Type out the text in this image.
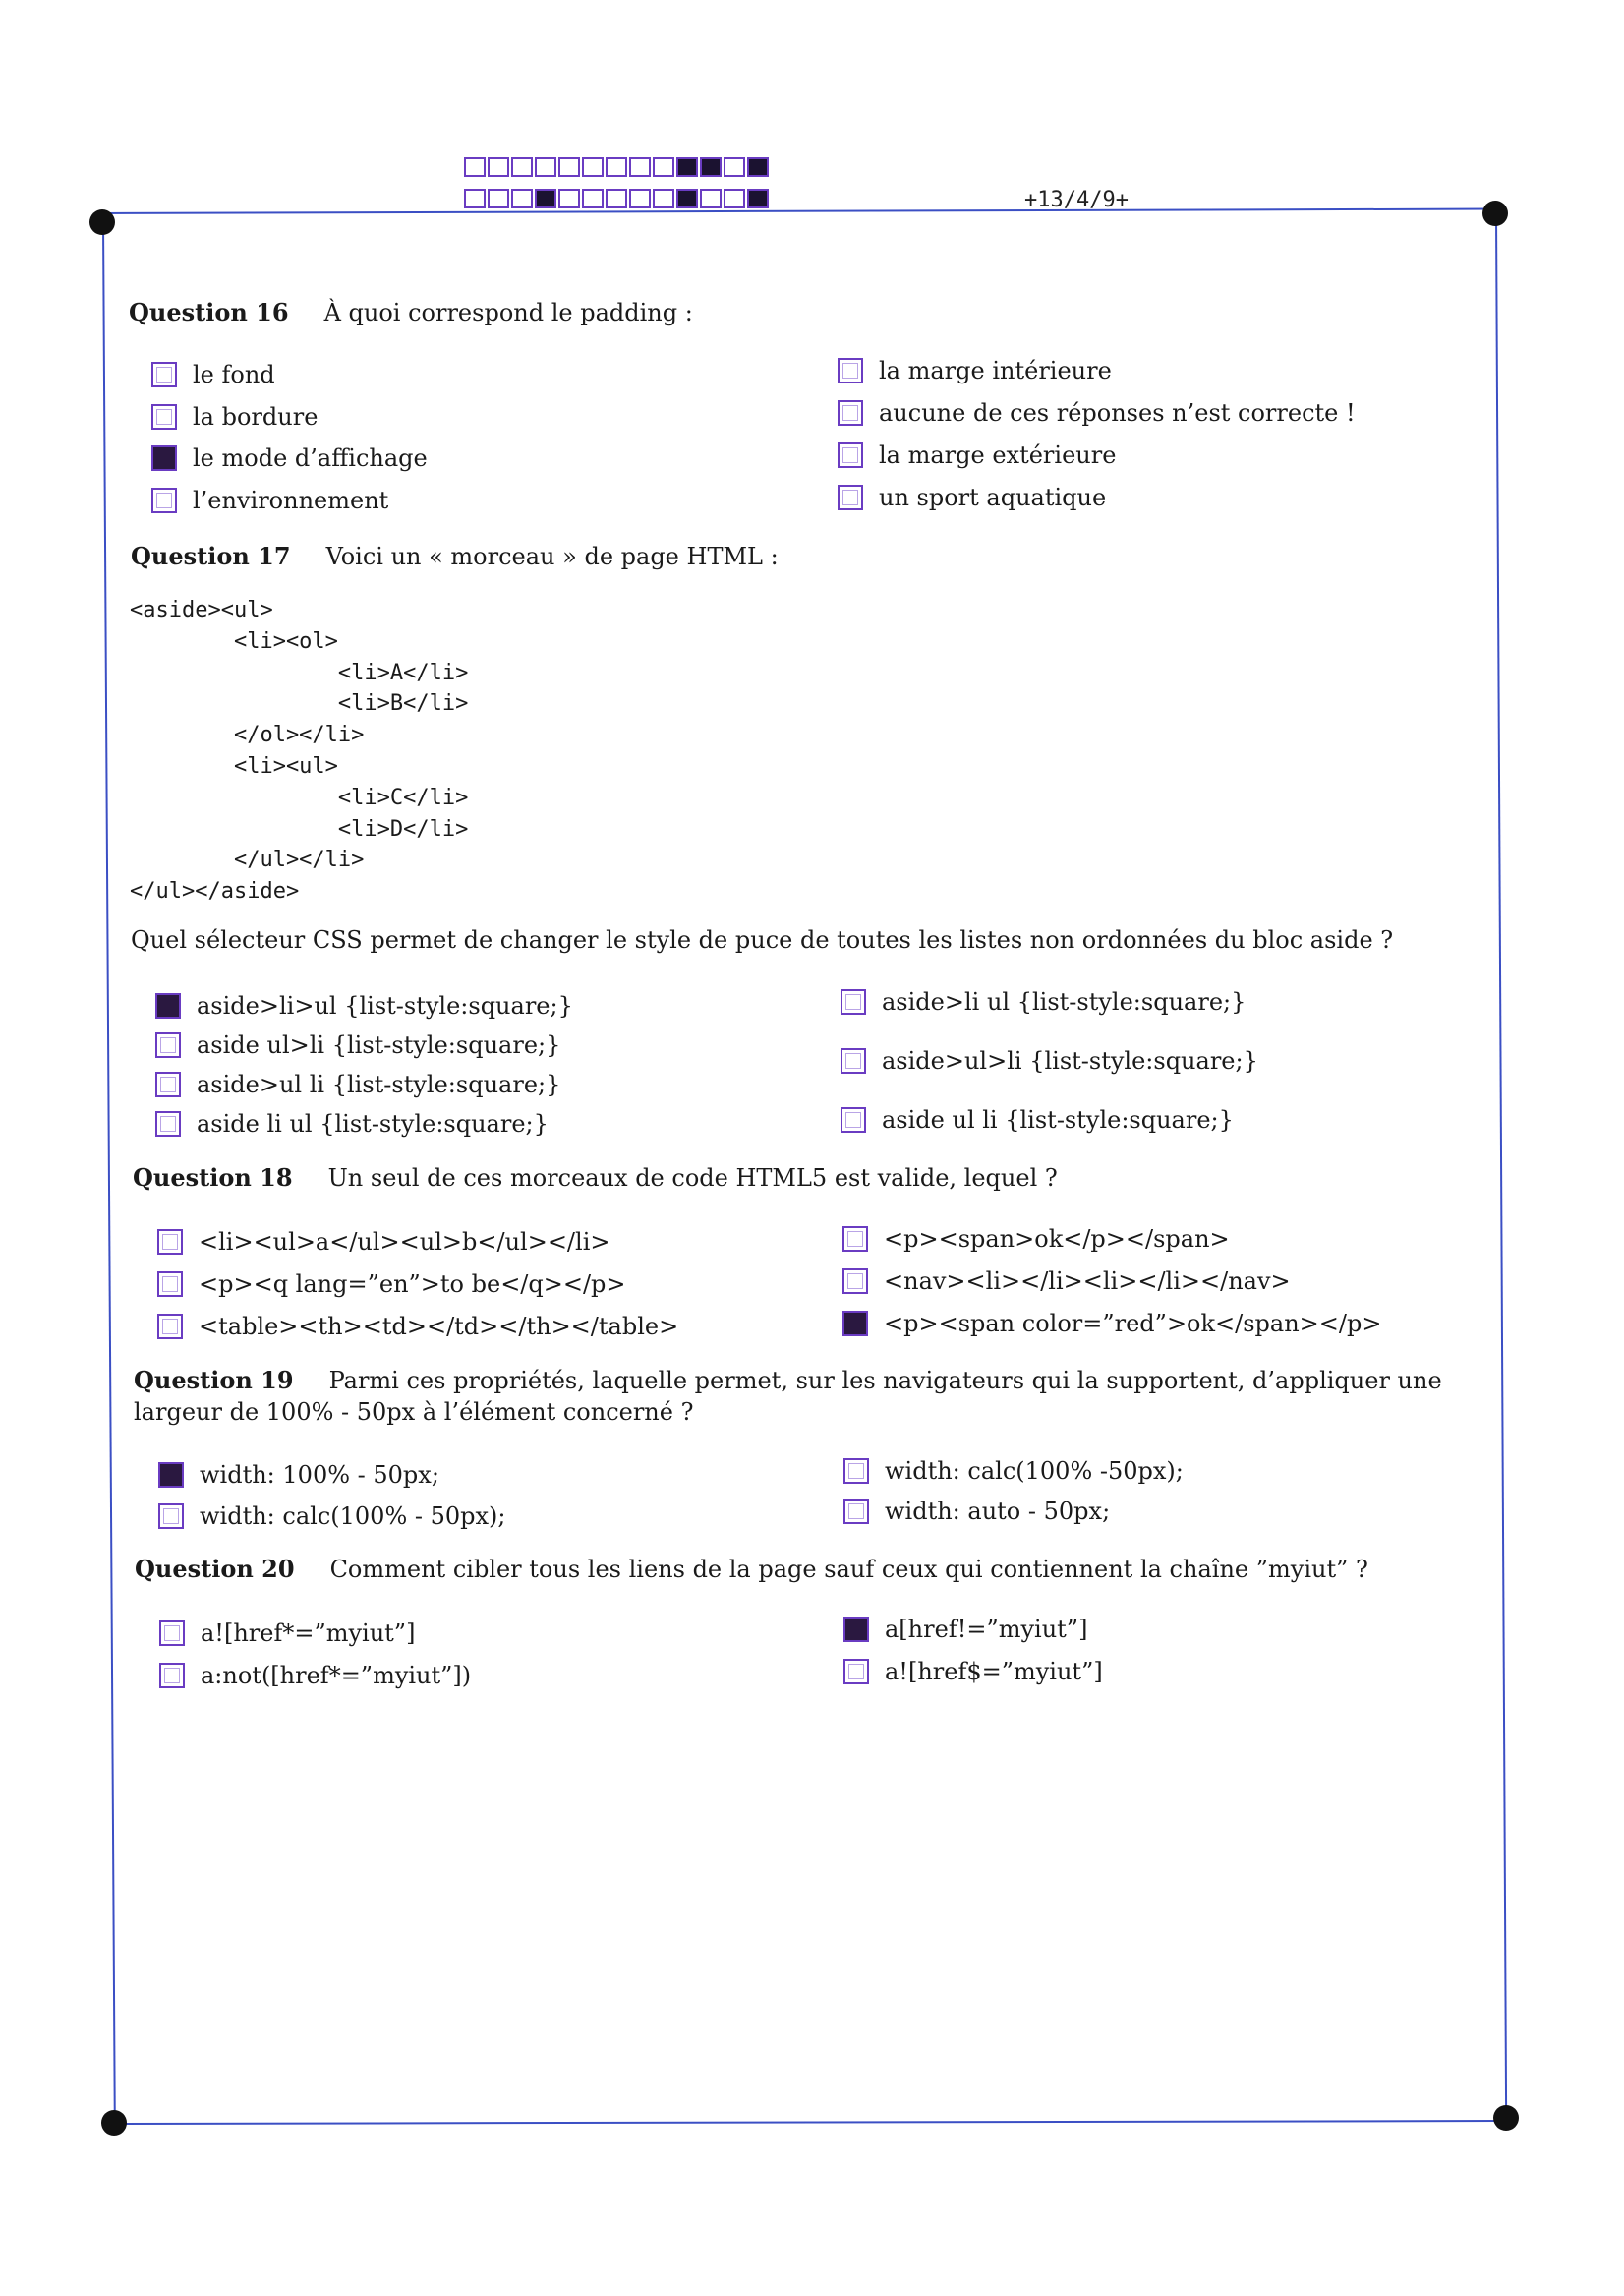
+13/4/9+
Question 16 À quoi correspond le padding :
le fond
la bordure
le mode d’affichage
l’environnement
la marge intérieure
aucune de ces réponses n’est correcte !
la marge extérieure
un sport aquatique
Question 17 Voici un « morceau » de page HTML :
<aside><ul>
<li><ol>
<li>A</li>
<li>B</li>
</ol></li>
<li><ul>
<li>C</li>
<li>D</li>
</ul></li>
</ul></aside>
Quel sélecteur CSS permet de changer le style de puce de toutes les listes non ordonnées du bloc aside ?
aside>li>ul {list-style:square;}
aside ul>li {list-style:square;}
aside>ul li {list-style:square;}
aside li ul {list-style:square;}
aside>li ul {list-style:square;}
aside>ul>li {list-style:square;}
aside ul li {list-style:square;}
Question 18 Un seul de ces morceaux de code HTML5 est valide, lequel ?
<li><ul>a</ul><ul>b</ul></li>
<p><q lang=”en”>to be</q></p>
<table><th><td></td></th></table>
<p><span>ok</p></span>
<nav><li></li><li></li></nav>
<p><span color=”red”>ok</span></p>
Question 19 Parmi ces propriétés, laquelle permet, sur les navigateurs qui la supportent, d’appliquer une largeur de 100% - 50px à l’élément concerné ?
width: 100% - 50px;
width: calc(100% - 50px);
width: calc(100% -50px);
width: auto - 50px;
Question 20 Comment cibler tous les liens de la page sauf ceux qui contiennent la chaîne ”myiut” ?
a![href*=”myiut”]
a:not([href*=”myiut”])
a[href!=”myiut”]
a![href$=”myiut”]
